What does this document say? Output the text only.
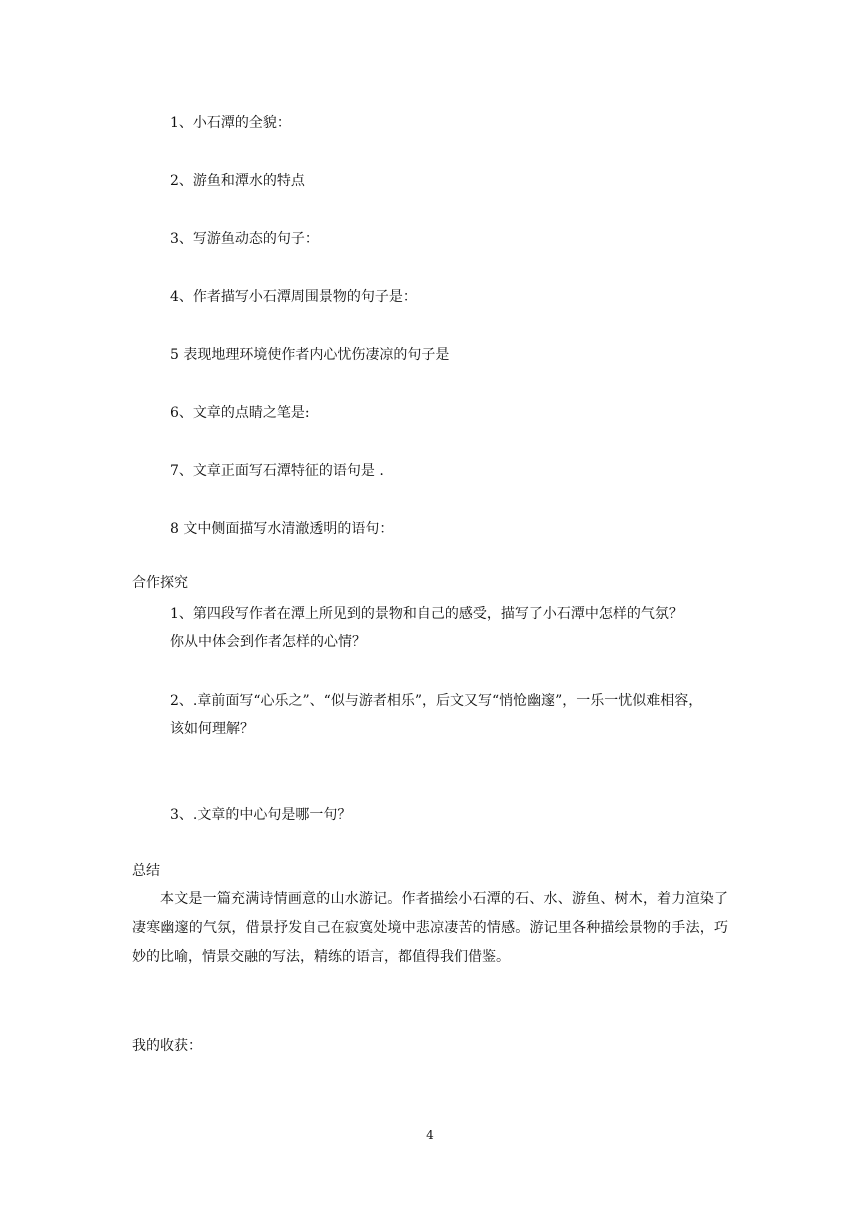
1、小石潭的全貌：
2、游鱼和潭水的特点
3、写游鱼动态的句子：
4、作者描写小石潭周围景物的句子是：
5 表现地理环境使作者内心忧伤凄凉的句子是
6、文章的点睛之笔是:
7、文章正面写石潭特征的语句是 .
8 文中侧面描写水清澈透明的语句：
合作探究
1、第四段写作者在潭上所见到的景物和自己的感受，描写了小石潭中怎样的气氛？
你从中体会到作者怎样的心情？
2、.章前面写“心乐之”、“似与游者相乐”，后文又写“悄怆幽邃”，一乐一忧似难相容，
该如何理解？
3、.文章的中心句是哪一句？
总结
本文是一篇充满诗情画意的山水游记。作者描绘小石潭的石、水、游鱼、树木，着力渲染了凄寒幽邃的气氛，借景抒发自己在寂寞处境中悲凉凄苦的情感。游记里各种描绘景物的手法，巧妙的比喻，情景交融的写法，精练的语言，都值得我们借鉴。
我的收获：
4
